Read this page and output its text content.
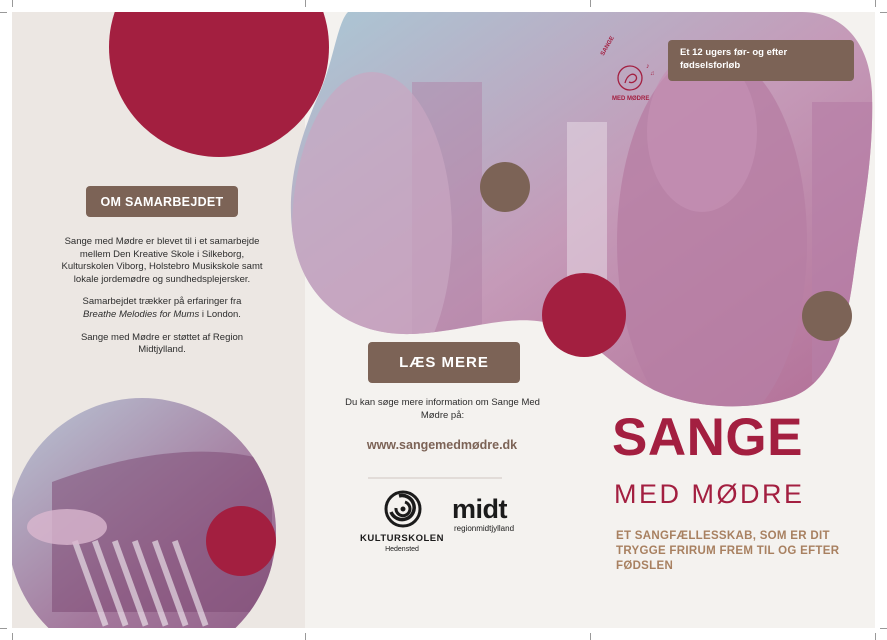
♪
♫
OM SAMARBEJDET

Sange med Mødre er blevet til i et samarbejde mellem Den Kreative Skole i Silkeborg, Kulturskolen Viborg, Holstebro Musikskole samt lokale jordemødre og sundhedsplejersker.

Samarbejdet trækker på erfaringer fra
Breathe Melodies for Mums i London.

Sange med Mødre er støttet af Region Midtjylland.

LÆS MERE
Du kan søge mere information om Sange Med Mødre på:
www.sangemedmødre.dk
KULTURSKOLEN
Hedensted
midt
regionmidtjylland
Et 12 ugers før- og efter fødselsforløb
SANGE
MED MØDRE
SANGE
MED MØDRE
ET SANGFÆLLESSKAB, SOM ER DIT TRYGGE FRIRUM FREM TIL OG EFTER FØDSLEN
